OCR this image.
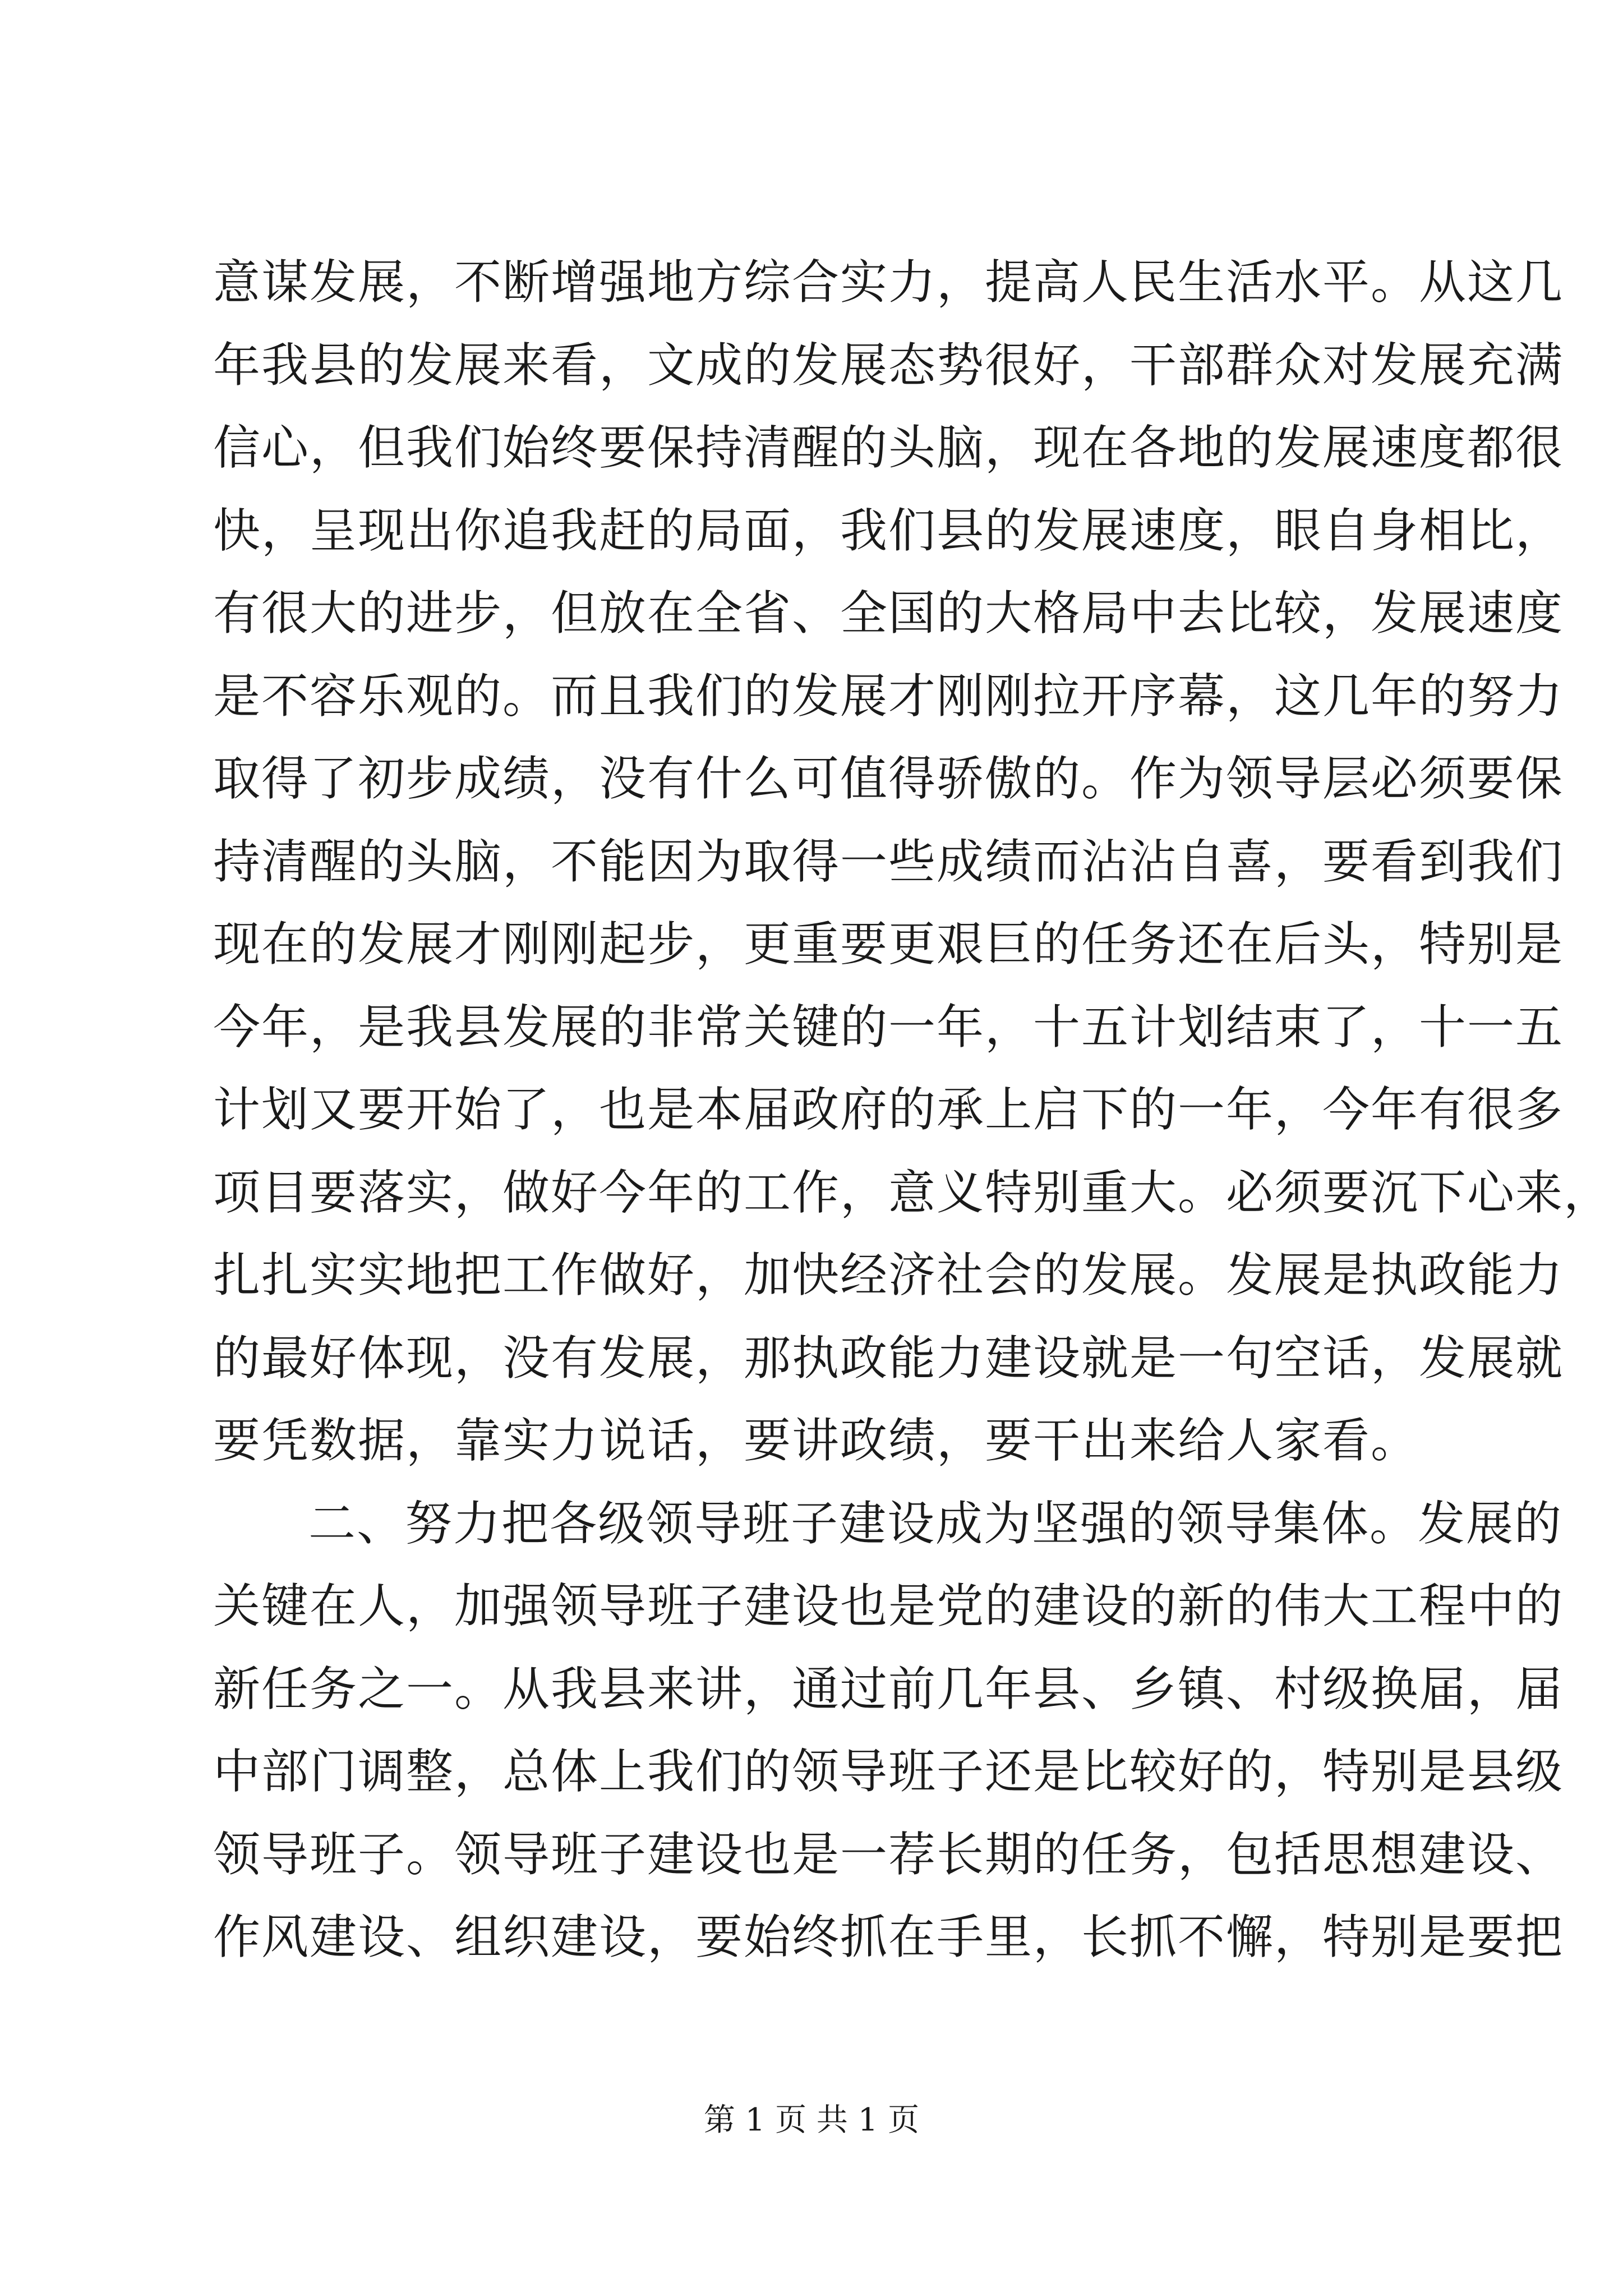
意谋发展，不断增强地方综合实力，提高人民生活水平。从这几
年我县的发展来看，文成的发展态势很好，干部群众对发展充满
信心，但我们始终要保持清醒的头脑，现在各地的发展速度都很
快，呈现出你追我赶的局面，我们县的发展速度，眼自身相比，
有很大的进步，但放在全省、全国的大格局中去比较，发展速度
是不容乐观的。而且我们的发展才刚刚拉开序幕，这几年的努力
取得了初步成绩，没有什么可值得骄傲的。作为领导层必须要保
持清醒的头脑，不能因为取得一些成绩而沾沾自喜，要看到我们
现在的发展才刚刚起步，更重要更艰巨的任务还在后头，特别是
今年，是我县发展的非常关键的一年，十五计划结束了，十一五
计划又要开始了，也是本届政府的承上启下的一年，今年有很多
项目要落实，做好今年的工作，意义特别重大。必须要沉下心来，
扎扎实实地把工作做好，加快经济社会的发展。发展是执政能力
的最好体现，没有发展，那执政能力建设就是一句空话，发展就
要凭数据，靠实力说话，要讲政绩，要干出来给人家看。
二、努力把各级领导班子建设成为坚强的领导集体。发展的
关键在人，加强领导班子建设也是党的建设的新的伟大工程中的
新任务之一。从我县来讲，通过前几年县、乡镇、村级换届，届
中部门调整，总体上我们的领导班子还是比较好的，特别是县级
领导班子。领导班子建设也是一荐长期的任务，包括思想建设、
作风建设、组织建设，要始终抓在手里，长抓不懈，特别是要把
第 1 页 共 1 页
